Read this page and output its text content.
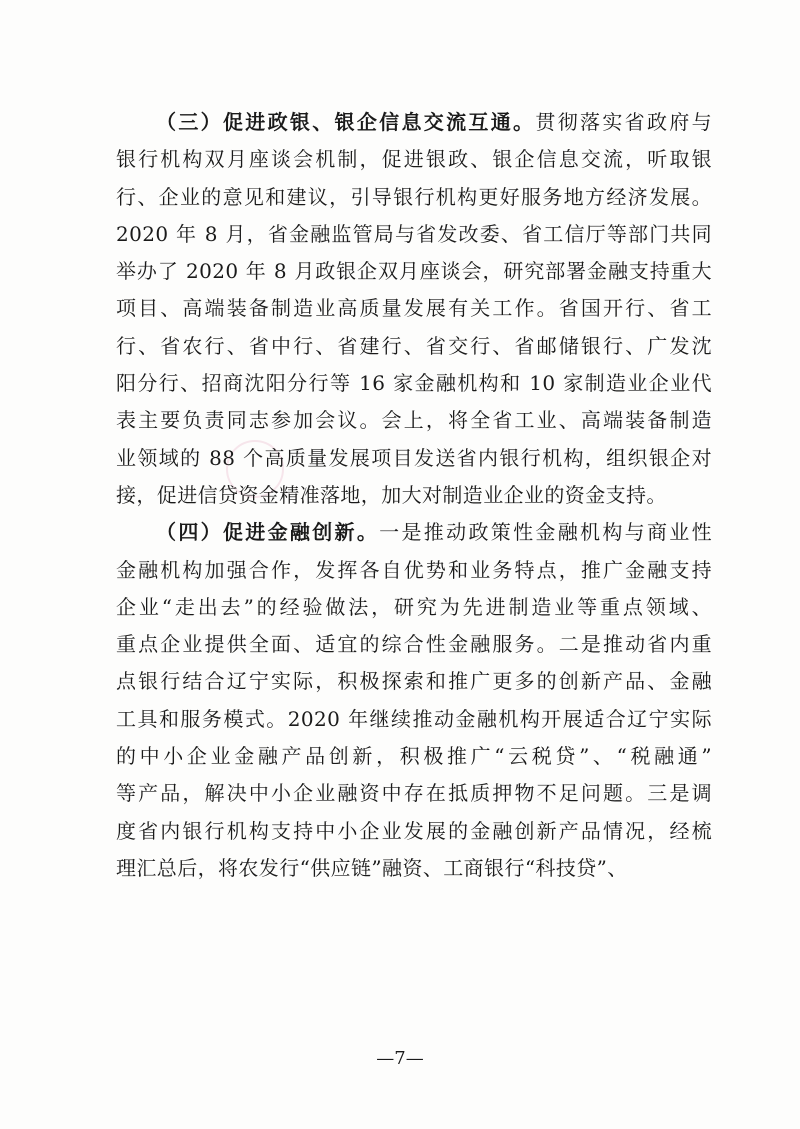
（三）促进政银、银企信息交流互通。贯彻落实省政府与
银行机构双月座谈会机制，促进银政、银企信息交流，听取银
行、企业的意见和建议，引导银行机构更好服务地方经济发展。
2020 年 8 月，省金融监管局与省发改委、省工信厅等部门共同
举办了 2020 年 8 月政银企双月座谈会，研究部署金融支持重大
项目、高端装备制造业高质量发展有关工作。省国开行、省工
行、省农行、省中行、省建行、省交行、省邮储银行、广发沈
阳分行、招商沈阳分行等 16 家金融机构和 10 家制造业企业代
表主要负责同志参加会议。会上，将全省工业、高端装备制造
业领域的 88 个高质量发展项目发送省内银行机构，组织银企对
接，促进信贷资金精准落地，加大对制造业企业的资金支持。
（四）促进金融创新。一是推动政策性金融机构与商业性
金融机构加强合作，发挥各自优势和业务特点，推广金融支持
企业“走出去”的经验做法，研究为先进制造业等重点领域、
重点企业提供全面、适宜的综合性金融服务。二是推动省内重
点银行结合辽宁实际，积极探索和推广更多的创新产品、金融
工具和服务模式。2020 年继续推动金融机构开展适合辽宁实际
的中小企业金融产品创新，积极推广“云税贷”、“税融通”
等产品，解决中小企业融资中存在抵质押物不足问题。三是调
度省内银行机构支持中小企业发展的金融创新产品情况，经梳
理汇总后，将农发行“供应链”融资、工商银行“科技贷”、
—7—
